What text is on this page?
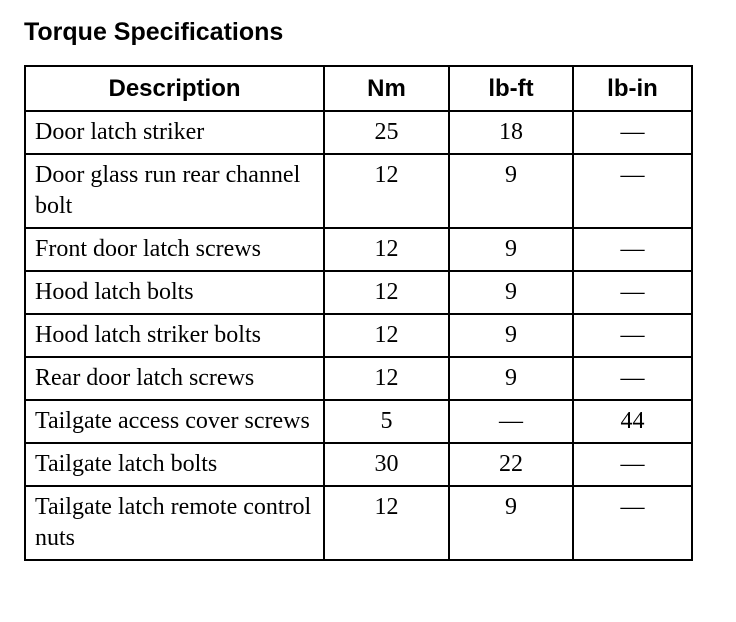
Torque Specifications
Description	Nm	lb-ft	lb-in
Door latch striker	25	18	—
Door glass run rear channel bolt	12	9	—
Front door latch screws	12	9	—
Hood latch bolts	12	9	—
Hood latch striker bolts	12	9	—
Rear door latch screws	12	9	—
Tailgate access cover screws	5	—	44
Tailgate latch bolts	30	22	—
Tailgate latch remote control nuts	12	9	—
